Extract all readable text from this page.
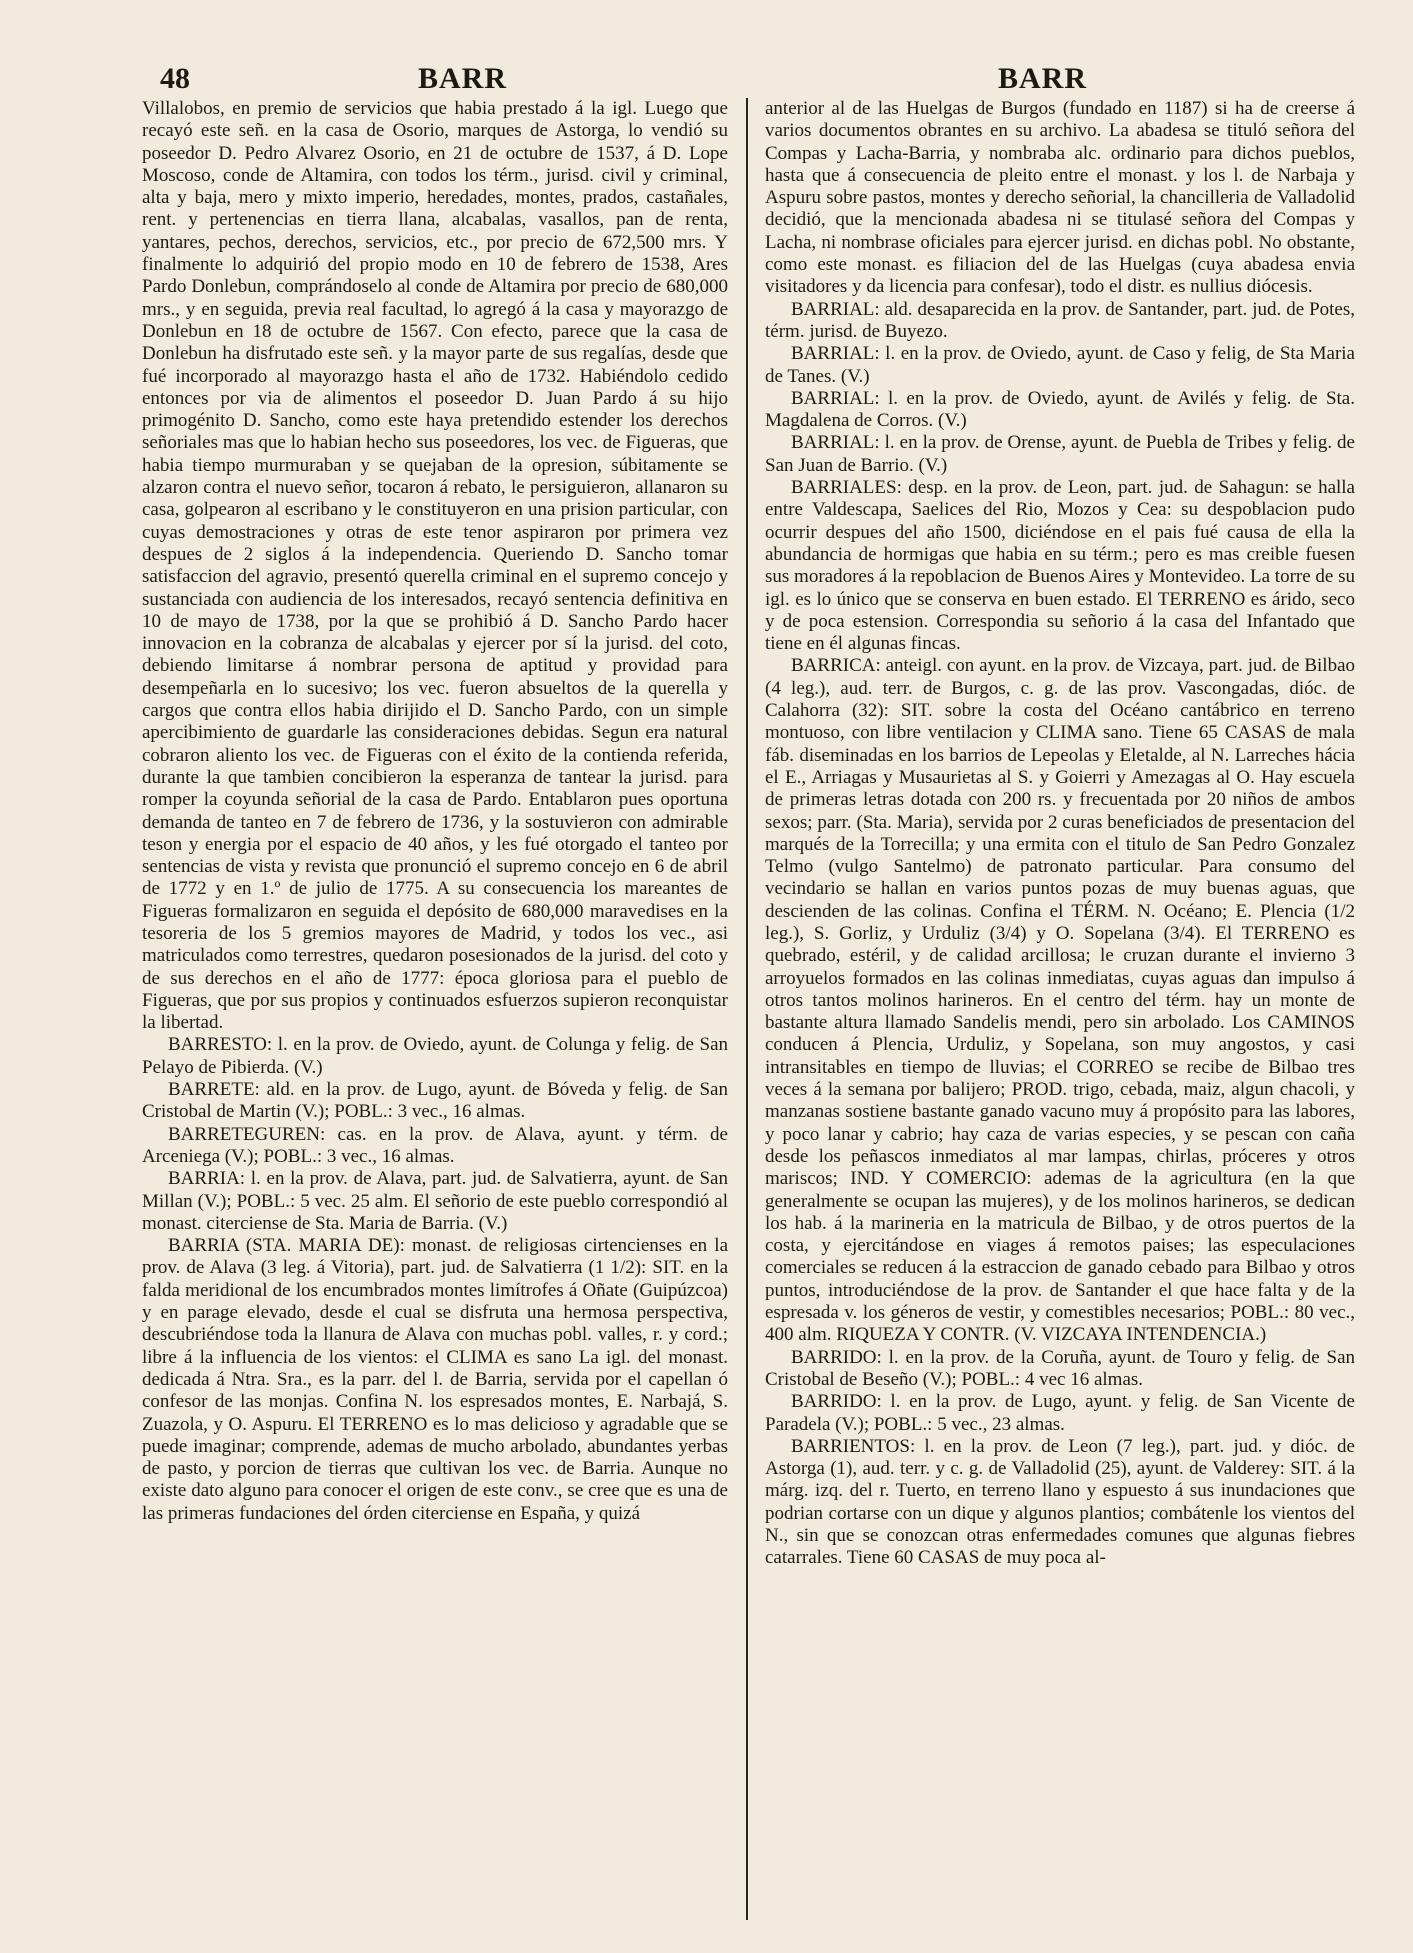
48	BARR	BARR

Villalobos, en premio de servicios que habia prestado á la igl. Luego que recayó este señ. en la casa de Osorio, marques de Astorga, lo vendió su poseedor D. Pedro Alvarez Osorio, en 21 de octubre de 1537, á D. Lope Moscoso, conde de Altamira, con todos los térm., jurisd. civil y criminal, alta y baja, mero y mixto imperio, heredades, montes, prados, castañales, rent. y pertenencias en tierra llana, alcabalas, vasallos, pan de renta, yantares, pechos, derechos, servicios, etc., por precio de 672,500 mrs. Y finalmente lo adquirió del propio modo en 10 de febrero de 1538, Ares Pardo Donlebun, comprándoselo al conde de Altamira por precio de 680,000 mrs., y en seguida, previa real facultad, lo agregó á la casa y mayorazgo de Donlebun en 18 de octubre de 1567. Con efecto, parece que la casa de Donlebun ha disfrutado este señ. y la mayor parte de sus regalías, desde que fué incorporado al mayorazgo hasta el año de 1732. Habiéndolo cedido entonces por via de alimentos el poseedor D. Juan Pardo á su hijo primogénito D. Sancho, como este haya pretendido estender los derechos señoriales mas que lo habian hecho sus poseedores, los vec. de Figueras, que habia tiempo murmuraban y se quejaban de la opresion, súbitamente se alzaron contra el nuevo señor, tocaron á rebato, le persiguieron, allanaron su casa, golpearon al escribano y le constituyeron en una prision particular, con cuyas demostraciones y otras de este tenor aspiraron por primera vez despues de 2 siglos á la independencia. Queriendo D. Sancho tomar satisfaccion del agravio, presentó querella criminal en el supremo concejo y sustanciada con audiencia de los interesados, recayó sentencia definitiva en 10 de mayo de 1738, por la que se prohibió á D. Sancho Pardo hacer innovacion en la cobranza de alcabalas y ejercer por sí la jurisd. del coto, debiendo limitarse á nombrar persona de aptitud y providad para desempeñarla en lo sucesivo; los vec. fueron absueltos de la querella y cargos que contra ellos habia dirijido el D. Sancho Pardo, con un simple apercibimiento de guardarle las consideraciones debidas. Segun era natural cobraron aliento los vec. de Figueras con el éxito de la contienda referida, durante la que tambien concibieron la esperanza de tantear la jurisd. para romper la coyunda señorial de la casa de Pardo. Entablaron pues oportuna demanda de tanteo en 7 de febrero de 1736, y la sostuvieron con admirable teson y energia por el espacio de 40 años, y les fué otorgado el tanteo por sentencias de vista y revista que pronunció el supremo concejo en 6 de abril de 1772 y en 1.º de julio de 1775. A su consecuencia los mareantes de Figueras formalizaron en seguida el depósito de 680,000 maravedises en la tesoreria de los 5 gremios mayores de Madrid, y todos los vec., asi matriculados como terrestres, quedaron posesionados de la jurisd. del coto y de sus derechos en el año de 1777: época gloriosa para el pueblo de Figueras, que por sus propios y continuados esfuerzos supieron reconquistar la libertad.

BARRESTO: l. en la prov. de Oviedo, ayunt. de Colunga y felig. de San Pelayo de Pibierda. (V.)

BARRETE: ald. en la prov. de Lugo, ayunt. de Bóveda y felig. de San Cristobal de Martin (V.); POBL.: 3 vec., 16 almas.

BARRETEGUREN: cas. en la prov. de Alava, ayunt. y térm. de Arceniega (V.); POBL.: 3 vec., 16 almas.

BARRIA: l. en la prov. de Alava, part. jud. de Salvatierra, ayunt. de San Millan (V.); POBL.: 5 vec. 25 alm. El señorio de este pueblo correspondió al monast. citerciense de Sta. Maria de Barria. (V.)

BARRIA (STA. MARIA DE): monast. de religiosas cirtencienses en la prov. de Alava (3 leg. á Vitoria), part. jud. de Salvatierra (1 1/2): SIT. en la falda meridional de los encumbrados montes limítrofes á Oñate (Guipúzcoa) y en parage elevado, desde el cual se disfruta una hermosa perspectiva, descubriéndose toda la llanura de Alava con muchas pobl. valles, r. y cord.; libre á la influencia de los vientos: el CLIMA es sano La igl. del monast. dedicada á Ntra. Sra., es la parr. del l. de Barria, servida por el capellan ó confesor de las monjas. Confina N. los espresados montes, E. Narbajá, S. Zuazola, y O. Aspuru. El TERRENO es lo mas delicioso y agradable que se puede imaginar; comprende, ademas de mucho arbolado, abundantes yerbas de pasto, y porcion de tierras que cultivan los vec. de Barria. Aunque no existe dato alguno para conocer el origen de este conv., se cree que es una de las primeras fundaciones del órden citerciense en España, y quizá

anterior al de las Huelgas de Burgos (fundado en 1187) si ha de creerse á varios documentos obrantes en su archivo. La abadesa se tituló señora del Compas y Lacha-Barria, y nombraba alc. ordinario para dichos pueblos, hasta que á consecuencia de pleito entre el monast. y los l. de Narbaja y Aspuru sobre pastos, montes y derecho señorial, la chancilleria de Valladolid decidió, que la mencionada abadesa ni se titulasé señora del Compas y Lacha, ni nombrase oficiales para ejercer jurisd. en dichas pobl. No obstante, como este monast. es filiacion del de las Huelgas (cuya abadesa envia visitadores y da licencia para confesar), todo el distr. es nullius diócesis.

BARRIAL: ald. desaparecida en la prov. de Santander, part. jud. de Potes, térm. jurisd. de Buyezo.

BARRIAL: l. en la prov. de Oviedo, ayunt. de Caso y felig, de Sta Maria de Tanes. (V.)

BARRIAL: l. en la prov. de Oviedo, ayunt. de Avilés y felig. de Sta. Magdalena de Corros. (V.)

BARRIAL: l. en la prov. de Orense, ayunt. de Puebla de Tribes y felig. de San Juan de Barrio. (V.)

BARRIALES: desp. en la prov. de Leon, part. jud. de Sahagun: se halla entre Valdescapa, Saelices del Rio, Mozos y Cea: su despoblacion pudo ocurrir despues del año 1500, diciéndose en el pais fué causa de ella la abundancia de hormigas que habia en su térm.; pero es mas creible fuesen sus moradores á la repoblacion de Buenos Aires y Montevideo. La torre de su igl. es lo único que se conserva en buen estado. El TERRENO es árido, seco y de poca estension. Correspondia su señorio á la casa del Infantado que tiene en él algunas fincas.

BARRICA: anteigl. con ayunt. en la prov. de Vizcaya, part. jud. de Bilbao (4 leg.), aud. terr. de Burgos, c. g. de las prov. Vascongadas, dióc. de Calahorra (32): SIT. sobre la costa del Océano cantábrico en terreno montuoso, con libre ventilacion y CLIMA sano. Tiene 65 CASAS de mala fáb. diseminadas en los barrios de Lepeolas y Eletalde, al N. Larreches hácia el E., Arriagas y Musaurietas al S. y Goierri y Amezagas al O. Hay escuela de primeras letras dotada con 200 rs. y frecuentada por 20 niños de ambos sexos; parr. (Sta. Maria), servida por 2 curas beneficiados de presentacion del marqués de la Torrecilla; y una ermita con el titulo de San Pedro Gonzalez Telmo (vulgo Santelmo) de patronato particular. Para consumo del vecindario se hallan en varios puntos pozas de muy buenas aguas, que descienden de las colinas. Confina el TÉRM. N. Océano; E. Plencia (1/2 leg.), S. Gorliz, y Urduliz (3/4) y O. Sopelana (3/4). El TERRENO es quebrado, estéril, y de calidad arcillosa; le cruzan durante el invierno 3 arroyuelos formados en las colinas inmediatas, cuyas aguas dan impulso á otros tantos molinos harineros. En el centro del térm. hay un monte de bastante altura llamado Sandelis mendi, pero sin arbolado. Los CAMINOS conducen á Plencia, Urduliz, y Sopelana, son muy angostos, y casi intransitables en tiempo de lluvias; el CORREO se recibe de Bilbao tres veces á la semana por balijero; PROD. trigo, cebada, maiz, algun chacoli, y manzanas sostiene bastante ganado vacuno muy á propósito para las labores, y poco lanar y cabrio; hay caza de varias especies, y se pescan con caña desde los peñascos inmediatos al mar lampas, chirlas, próceres y otros mariscos; IND. Y COMERCIO: ademas de la agricultura (en la que generalmente se ocupan las mujeres), y de los molinos harineros, se dedican los hab. á la marineria en la matricula de Bilbao, y de otros puertos de la costa, y ejercitándose en viages á remotos paises; las especulaciones comerciales se reducen á la estraccion de ganado cebado para Bilbao y otros puntos, introduciéndose de la prov. de Santander el que hace falta y de la espresada v. los géneros de vestir, y comestibles necesarios; POBL.: 80 vec., 400 alm. RIQUEZA Y CONTR. (V. VIZCAYA INTENDENCIA.)

BARRIDO: l. en la prov. de la Coruña, ayunt. de Touro y felig. de San Cristobal de Beseño (V.); POBL.: 4 vec 16 almas.

BARRIDO: l. en la prov. de Lugo, ayunt. y felig. de San Vicente de Paradela (V.); POBL.: 5 vec., 23 almas.

BARRIENTOS: l. en la prov. de Leon (7 leg.), part. jud. y dióc. de Astorga (1), aud. terr. y c. g. de Valladolid (25), ayunt. de Valderey: SIT. á la márg. izq. del r. Tuerto, en terreno llano y espuesto á sus inundaciones que podrian cortarse con un dique y algunos plantios; combátenle los vientos del N., sin que se conozcan otras enfermedades comunes que algunas fiebres catarrales. Tiene 60 CASAS de muy poca al-
